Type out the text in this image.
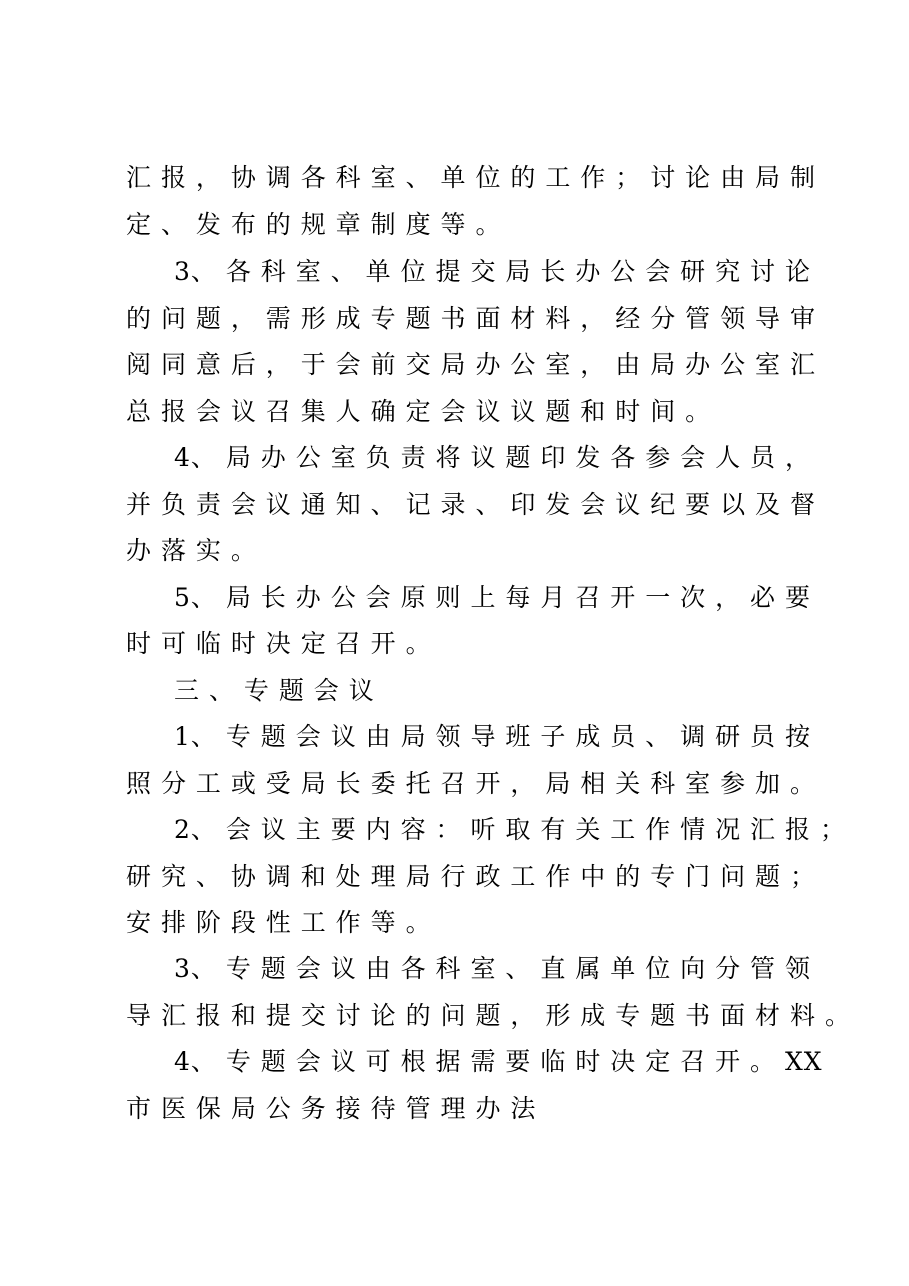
汇 报 ， 协 调 各 科 室 、 单 位 的 工 作 ； 讨 论 由 局 制
定 、 发 布 的 规 章 制 度 等 。
3、 各 科 室 、 单 位 提 交 局 长 办 公 会 研 究 讨 论
的 问 题 ， 需 形 成 专 题 书 面 材 料 ， 经 分 管 领 导 审
阅 同 意 后 ， 于 会 前 交 局 办 公 室 ， 由 局 办 公 室 汇
总 报 会 议 召 集 人 确 定 会 议 议 题 和 时 间 。
4、 局 办 公 室 负 责 将 议 题 印 发 各 参 会 人 员 ，
并 负 责 会 议 通 知 、 记 录 、 印 发 会 议 纪 要 以 及 督
办 落 实 。
5、 局 长 办 公 会 原 则 上 每 月 召 开 一 次 ， 必 要
时 可 临 时 决 定 召 开 。
三 、 专 题 会 议
1、 专 题 会 议 由 局 领 导 班 子 成 员 、 调 研 员 按
照 分 工 或 受 局 长 委 托 召 开 ， 局 相 关 科 室 参 加 。
2、 会 议 主 要 内 容 ： 听 取 有 关 工 作 情 况 汇 报 ；
研 究 、 协 调 和 处 理 局 行 政 工 作 中 的 专 门 问 题 ；
安 排 阶 段 性 工 作 等 。
3、 专 题 会 议 由 各 科 室 、 直 属 单 位 向 分 管 领
导 汇 报 和 提 交 讨 论 的 问 题 ， 形 成 专 题 书 面 材 料 。
4、 专 题 会 议 可 根 据 需 要 临 时 决 定 召 开 。 XX
市 医 保 局 公 务 接 待 管 理 办 法
